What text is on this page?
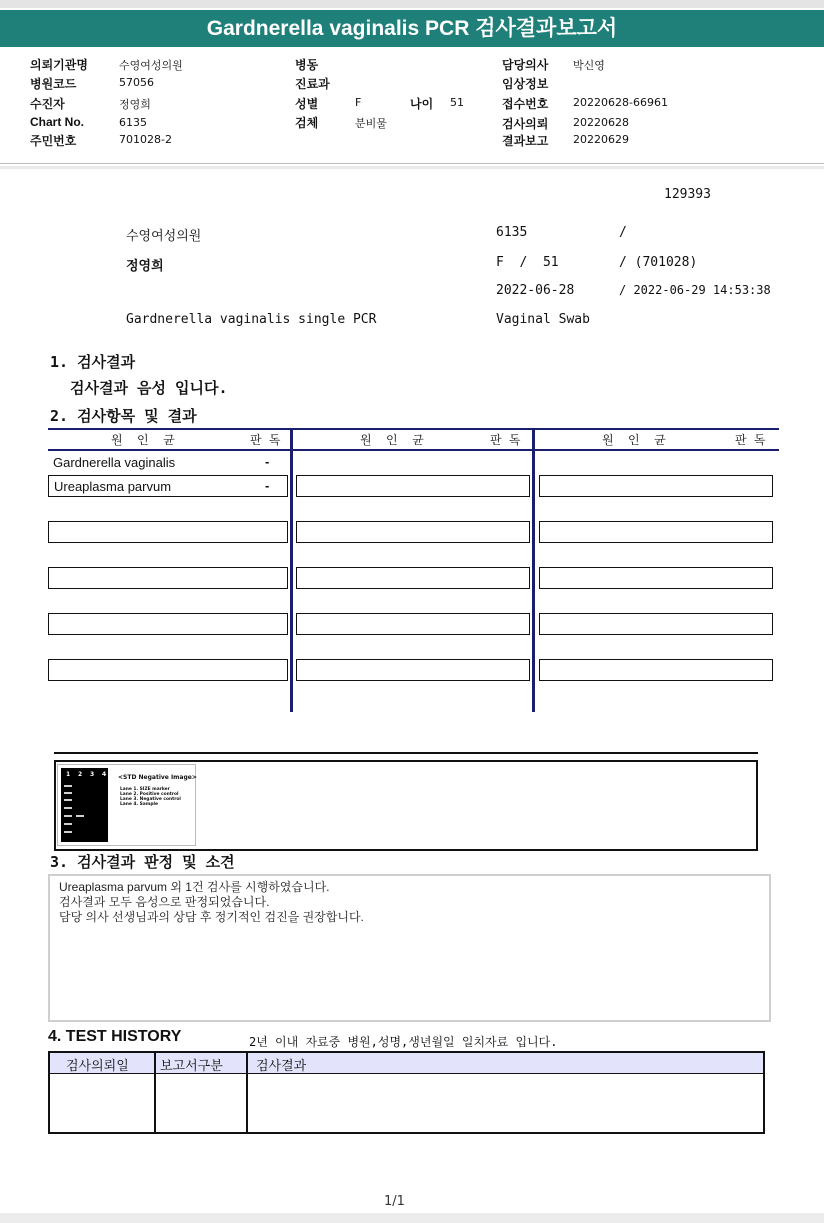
Gardnerella vaginalis PCR 검사결과보고서
의뢰기관명	수영여성의원
병원코드	57056
수진자	정영희
Chart No.	6135
주민번호	701028-2
병동
진료과
성별	F	나이 51
검체	분비물
담당의사 박신영
임상정보
접수번호 20220628-66961
검사의뢰 20220628
결과보고 20220629
129393
수영여성의원	6135	/
정영희	F  /  51	/ (701028)
2022-06-28	/ 2022-06-29 14:53:38
Gardnerella vaginalis single PCR	Vaginal Swab
1. 검사결과
검사결과 음성 입니다.
2. 검사항목 및 결과
원  인  균	판 독	원  인  균	판 독	원  인  균	판 독
Gardnerella vaginalis	-
Ureaplasma parvum	-
1 2 3 4 <STD Negative Image>
Lane 1. SIZE marker
Lane 2. Positive control
Lane 3. Negative control
Lane 4. Sample
3. 검사결과 판정 및 소견
Ureaplasma parvum 외 1건 검사를 시행하였습니다.
검사결과 모두 음성으로 판정되었습니다.
담당 의사 선생님과의 상담 후 정기적인 검진을 권장합니다.
4. TEST HISTORY	2년 이내 자료중 병원,성명,생년월일 일치자료 입니다.
검사의뢰일 보고서구분	검사결과
1/1
